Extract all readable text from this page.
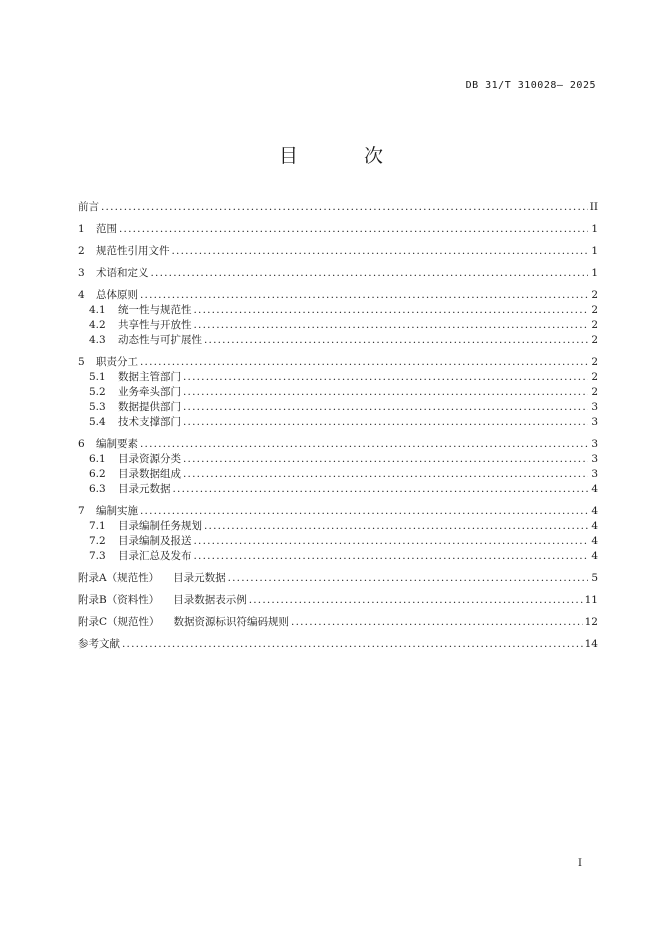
DB 31/T 310028— 2025
目 次
前言 .....	II
1	范围 .....	1
2	规范性引用文件 .....	1
3	术语和定义 .....	1
4	总体原则 .....	2
4.1	统一性与规范性 .....	2
4.2	共享性与开放性 .....	2
4.3	动态性与可扩展性 .....	2
5	职责分工 .....	2
5.1	数据主管部门 .....	2
5.2	业务牵头部门 .....	2
5.3	数据提供部门 .....	3
5.4	技术支撑部门 .....	3
6	编制要素 .....	3
6.1	目录资源分类 .....	3
6.2	目录数据组成 .....	3
6.3	目录元数据 .....	4
7	编制实施 .....	4
7.1	目录编制任务规划 .....	4
7.2	目录编制及报送 .....	4
7.3	目录汇总及发布 .....	4
附录A（规范性） 目录元数据 .....	5
附录B（资料性） 目录数据表示例 .....	11
附录C（规范性） 数据资源标识符编码规则 .....	12
参考文献 .....	14
I
